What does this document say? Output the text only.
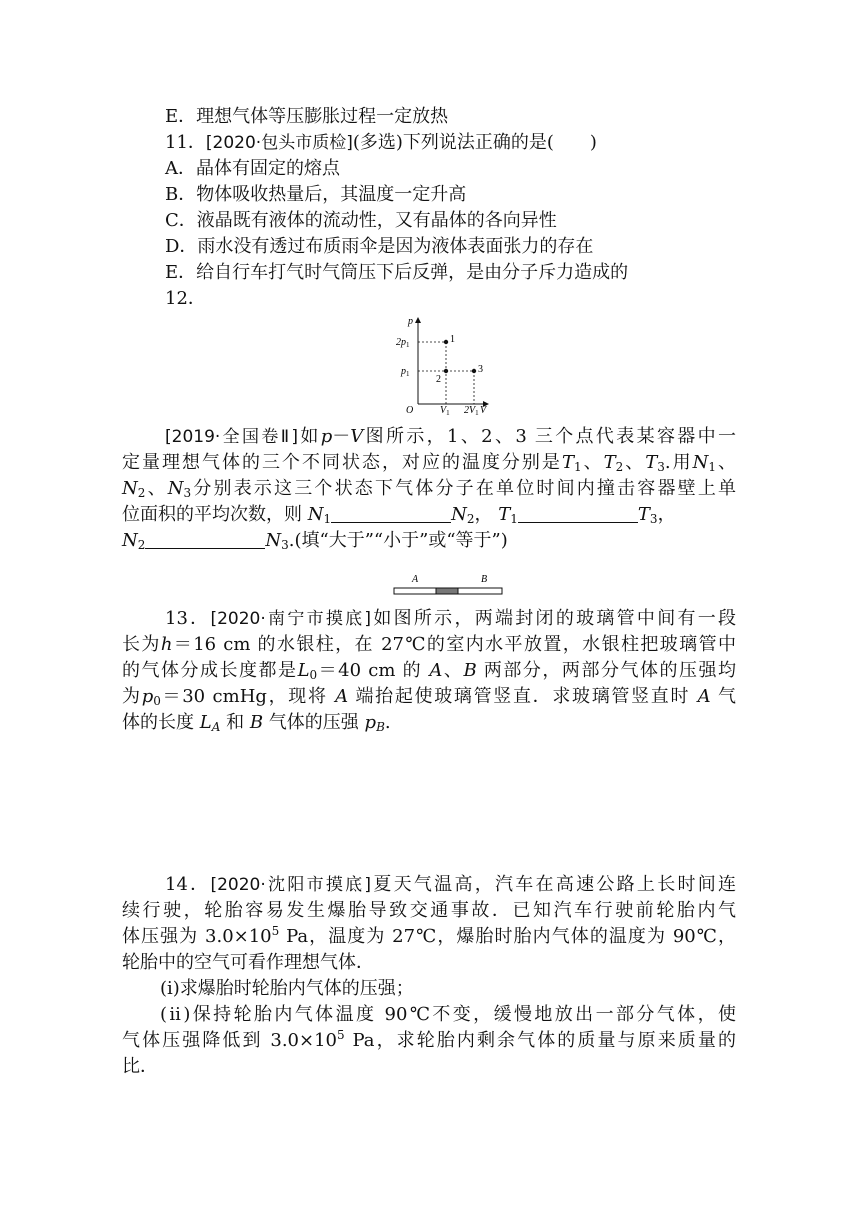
E．理想气体等压膨胀过程一定放热
11．[2020·包头市质检](多选)下列说法正确的是(　　)
A．晶体有固定的熔点
B．物体吸收热量后，其温度一定升高
C．液晶既有液体的流动性，又有晶体的各向异性
D．雨水没有透过布质雨伞是因为液体表面张力的存在
E．给自行车打气时气筒压下后反弹，是由分子斥力造成的
12．
p
V
O
$2p_1$
$p_1$
$V_1$ $2V_1$
1
2
3
[2019·全国卷Ⅱ]如p－V图所示，1、2、3 三个点代表某容器中一
定量理想气体的三个不同状态，对应的温度分别是$T_1$、$T_2$、$T_3$.用$N_1$、
$N_2$、$N_3$分别表示这三个状态下气体分子在单位时间内撞击容器壁上单
位面积的平均次数，则 $N_1$	$N_2$， $T_1$	$T_3$，
$N_2$	$N_3$.(填“大于”“小于”或“等于”)
A	B
13．[2020·南宁市摸底]如图所示，两端封闭的玻璃管中间有一段
长为h＝16 cm 的水银柱，在 27℃的室内水平放置，水银柱把玻璃管中
的气体分成长度都是$L_0=40$ cm 的 A、B 两部分，两部分气体的压强均
为$p_0=30$ cmHg，现将 A 端抬起使玻璃管竖直．求玻璃管竖直时 A 气
体的长度 $L_A$ 和 B 气体的压强 $p_B$.
14．[2020·沈阳市摸底]夏天气温高，汽车在高速公路上长时间连
续行驶，轮胎容易发生爆胎导致交通事故．已知汽车行驶前轮胎内气
体压强为 $3.0\times 10^5$ Pa，温度为 27℃，爆胎时胎内气体的温度为 90℃，
轮胎中的空气可看作理想气体．
(ⅰ)求爆胎时轮胎内气体的压强；
(ⅱ)保持轮胎内气体温度 90℃不变，缓慢地放出一部分气体，使
气体压强降低到 $3.0\times 10^5$ Pa，求轮胎内剩余气体的质量与原来质量的
比．
